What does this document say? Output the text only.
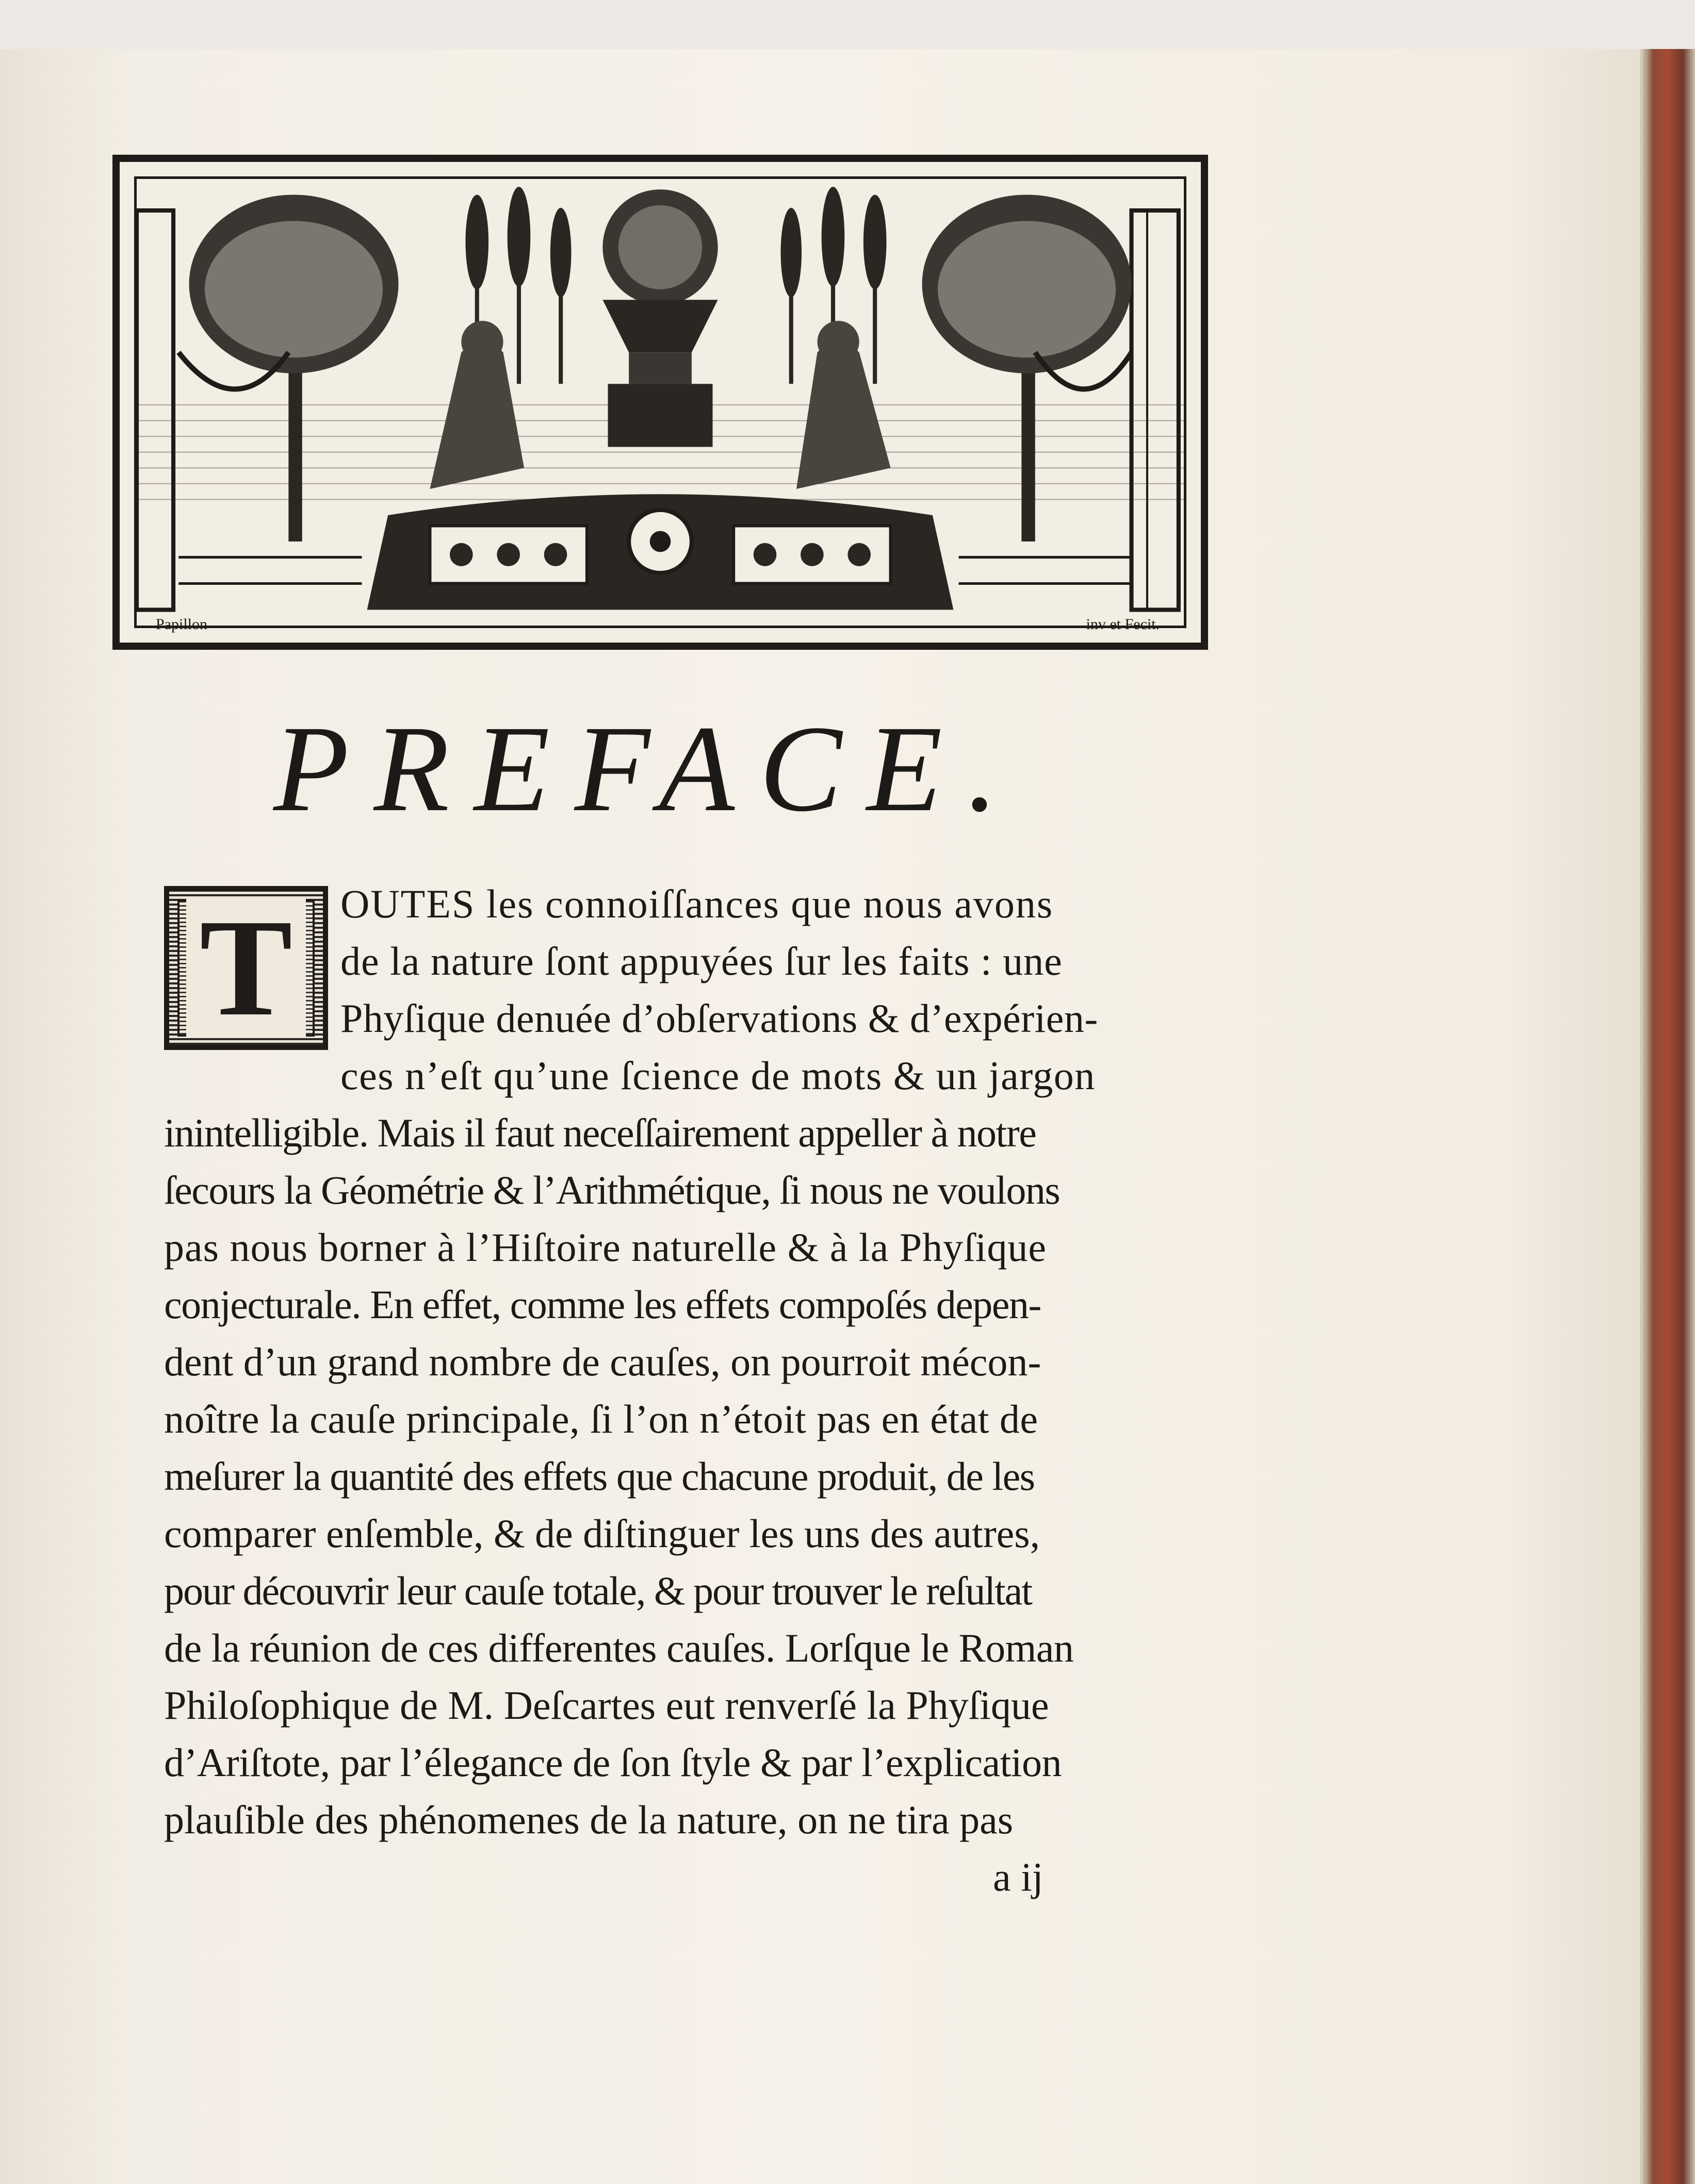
Papillon	inv et Fecit.
PREFACE.
T	OUTES les connoiſſances que nous avons
de la nature ſont appuyées ſur les faits : une
Phyſique denuée d’obſervations & d’expérien-
ces n’eſt qu’une ſcience de mots & un jargon
inintelligible. Mais il faut neceſſairement appeller à notre
ſecours la Géométrie & l’Arithmétique, ſi nous ne voulons
pas nous borner à l’Hiſtoire naturelle & à la Phyſique
conjecturale. En effet, comme les effets compoſés depen-
dent d’un grand nombre de cauſes, on pourroit mécon-
noître la cauſe principale, ſi l’on n’étoit pas en état de
meſurer la quantité des effets que chacune produit, de les
comparer enſemble, & de diſtinguer les uns des autres,
pour découvrir leur cauſe totale, & pour trouver le reſultat
de la réunion de ces differentes cauſes. Lorſque le Roman
Philoſophique de M. Deſcartes eut renverſé la Phyſique
d’Ariſtote, par l’élegance de ſon ſtyle & par l’explication
plauſible des phénomenes de la nature, on ne tira pas
a ij
